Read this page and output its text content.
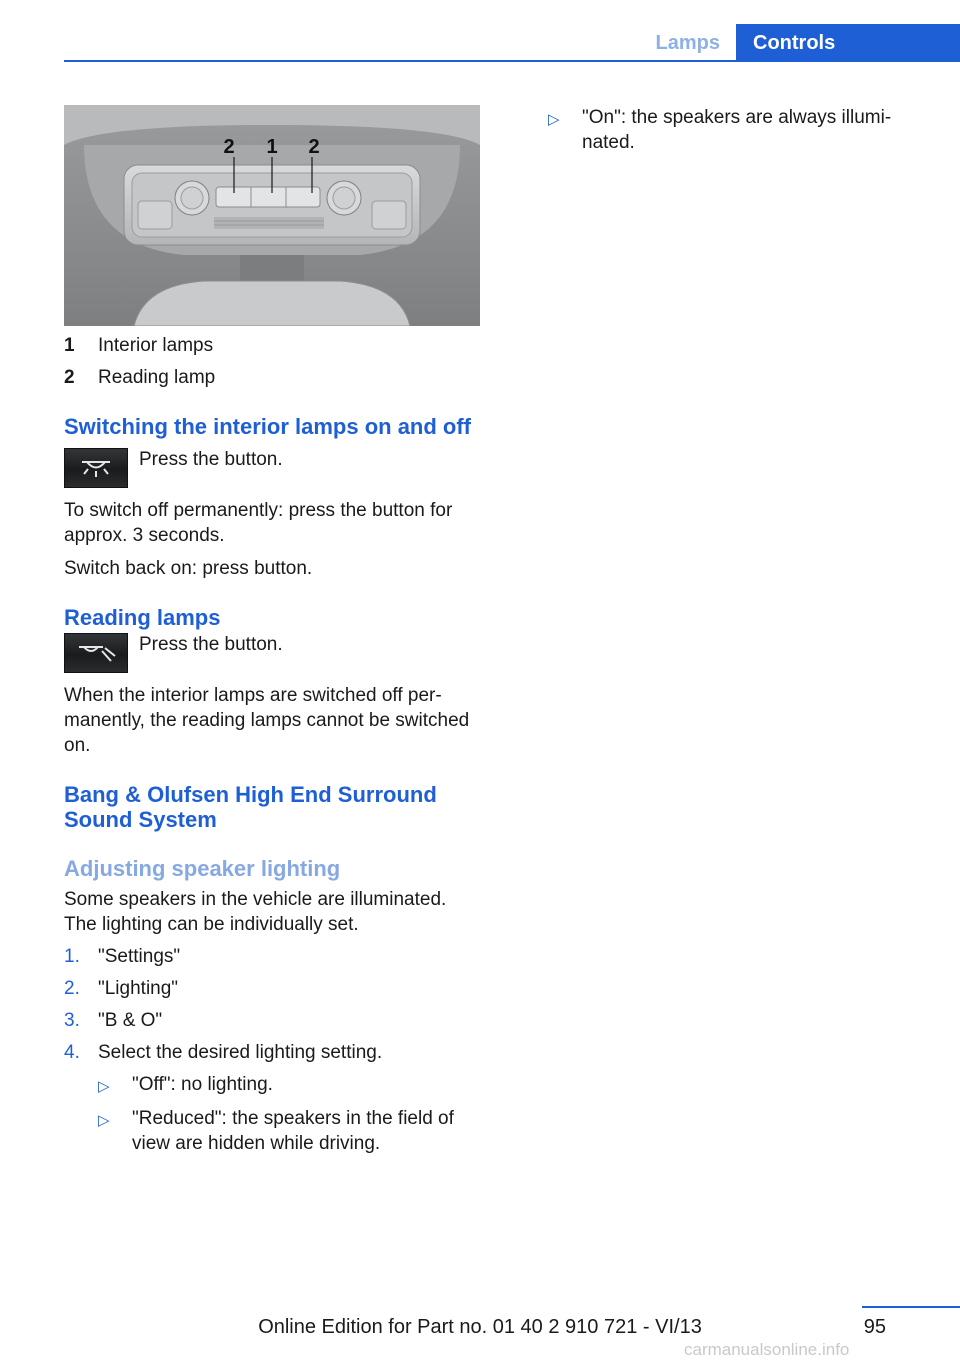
Lamps	Controls
2 1 2
1	Interior lamps
2	Reading lamp
Switching the interior lamps on and off

Press the button.

To switch off permanently: press the button for approx. 3 seconds.

Switch back on: press button.

Reading lamps

Press the button.

When the interior lamps are switched off permanently, the reading lamps cannot be switched on.

Bang & Olufsen High End Surround Sound System
Adjusting speaker lighting

Some speakers in the vehicle are illuminated. The lighting can be individually set.

1. "Settings"
2. "Lighting"
3. "B & O"
4. Select the desired lighting setting.
▷	"Off": no lighting.
▷	"Reduced": the speakers in the field of view are hidden while driving.
▷	"On": the speakers are always illuminated.
95
Online Edition for Part no. 01 40 2 910 721 - VI/13
carmanualsonline.info
